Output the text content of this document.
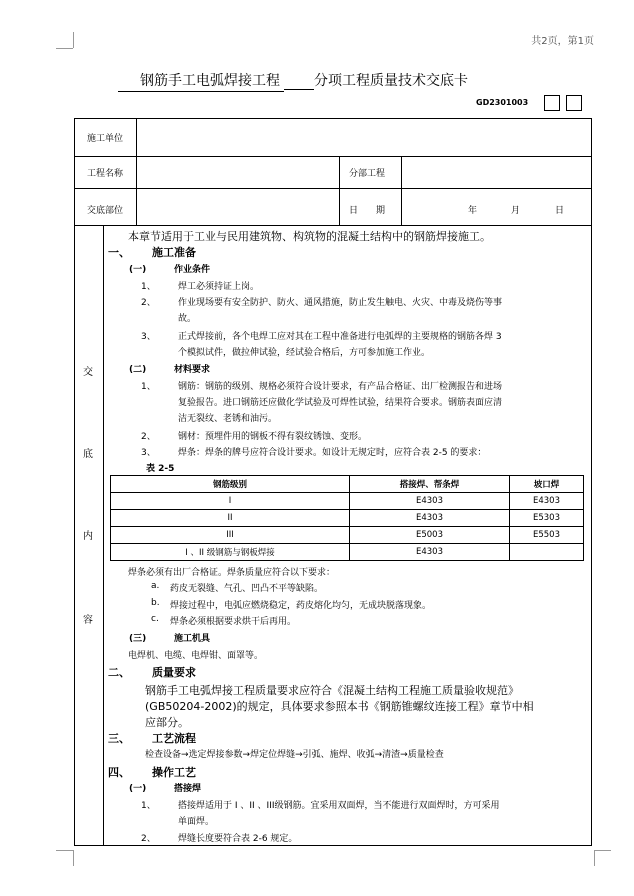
共2页，第1页
钢筋手工电弧焊接工程 分项工程质量技术交底卡
GD2301003
施工单位
工程名称
交底部位
分部工程
日　　期	年	月	日
交
底
内
容
本章节适用于工业与民用建筑物、构筑物的混凝土结构中的钢筋焊接施工。
一、 施工准备
(一)	作业条件
1、 焊工必须持证上岗。
2、 作业现场要有安全防护、防火、通风措施，防止发生触电、火灾、中毒及烧伤等事
故。
3、 正式焊接前，各个电焊工应对其在工程中准备进行电弧焊的主要规格的钢筋各焊 3
个模拟试件，做拉伸试验，经试验合格后，方可参加施工作业。
(二)	材料要求
1、 钢筋：钢筋的级别、规格必须符合设计要求，有产品合格证、出厂检测报告和进场
复验报告。进口钢筋还应做化学试验及可焊性试验，结果符合要求。钢筋表面应清
洁无裂纹、老锈和油污。
2、 钢材：预埋件用的钢板不得有裂纹锈蚀、变形。
3、 焊条：焊条的牌号应符合设计要求。如设计无规定时，应符合表 2-5 的要求：
表 2-5
钢筋级别	搭接焊、帮条焊	坡口焊
I	E4303	E4303
II	E4303	E5303
III	E5003	E5503
I 、II 级钢筋与钢板焊接	E4303	
焊条必须有出厂合格证。焊条质量应符合以下要求：
a. 药皮无裂缝、气孔、凹凸不平等缺陷。
b. 焊接过程中，电弧应燃烧稳定，药皮熔化均匀，无成块脱落现象。
c. 焊条必须根据要求烘干后再用。
(三)	施工机具
电焊机、电缆、电焊钳、面罩等。
二、 质量要求
钢筋手工电弧焊接工程质量要求应符合《混凝土结构工程施工质量验收规范》
(GB50204-2002)的规定，具体要求参照本书《钢筋锥螺纹连接工程》章节中相
应部分。
三、 工艺流程
检查设备→选定焊接参数→焊定位焊缝→引弧、施焊、收弧→清渣→质量检查
四、 操作工艺
(一)	搭接焊
1、 搭接焊适用于 I 、II 、III级钢筋。宜采用双面焊，当不能进行双面焊时，方可采用
单面焊。
2、 焊缝长度要符合表 2-6 规定。
